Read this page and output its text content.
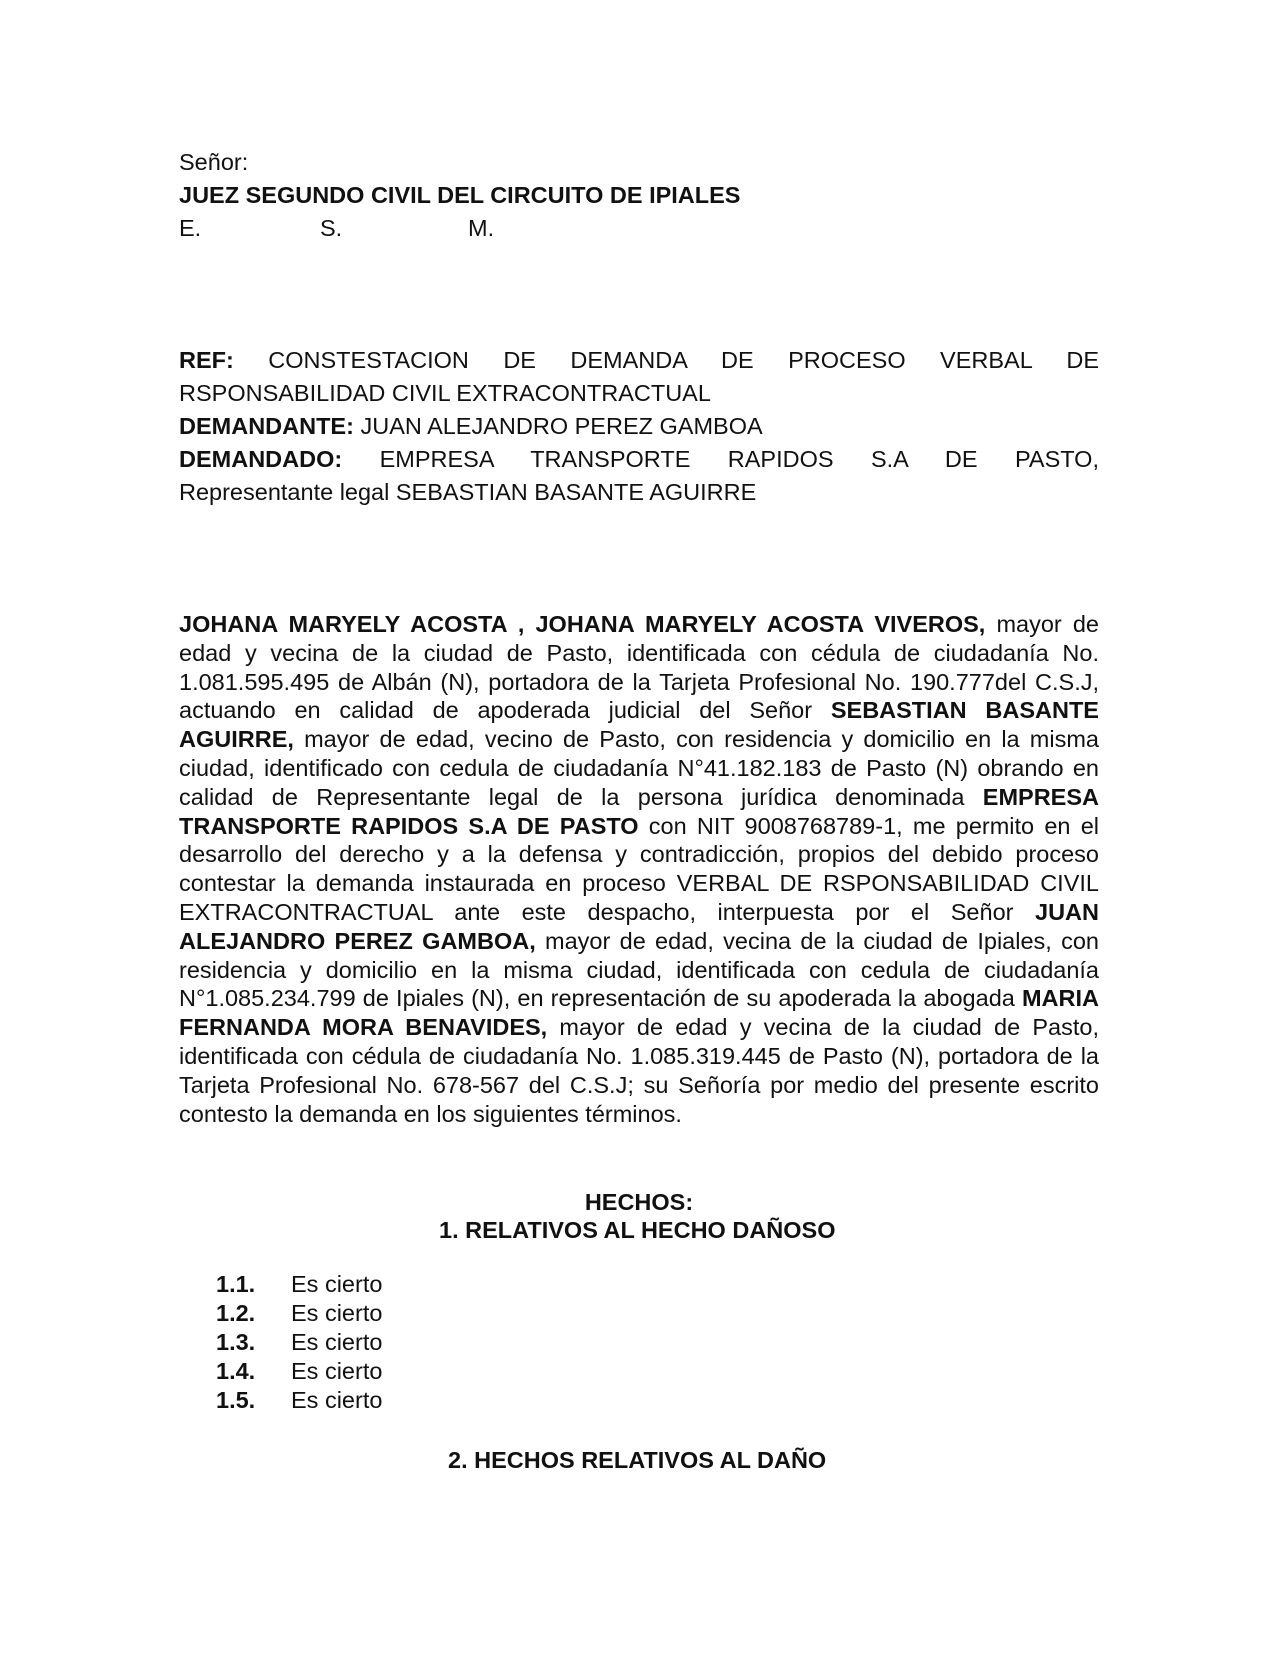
Señor:
JUEZ SEGUNDO CIVIL DEL CIRCUITO DE IPIALES
E.	S.	M.
REF: CONSTESTACION DE DEMANDA DE PROCESO VERBAL DE
RSPONSABILIDAD CIVIL EXTRACONTRACTUAL
DEMANDANTE: JUAN ALEJANDRO PEREZ GAMBOA
DEMANDADO: EMPRESA TRANSPORTE RAPIDOS S.A DE PASTO,
Representante legal SEBASTIAN BASANTE AGUIRRE
JOHANA MARYELY ACOSTA , JOHANA MARYELY ACOSTA VIVEROS, mayor de edad y vecina de la ciudad de Pasto, identificada con cédula de ciudadanía No. 1.081.595.495 de Albán (N), portadora de la Tarjeta Profesional No. 190.777del C.S.J, actuando en calidad de apoderada judicial del Señor SEBASTIAN BASANTE AGUIRRE, mayor de edad, vecino de Pasto, con residencia y domicilio en la misma ciudad, identificado con cedula de ciudadanía N°41.182.183 de Pasto (N) obrando en calidad de Representante legal de la persona jurídica denominada EMPRESA TRANSPORTE RAPIDOS S.A DE PASTO con NIT 9008768789-1, me permito en el desarrollo del derecho y a la defensa y contradicción, propios del debido proceso contestar la demanda instaurada en proceso VERBAL DE RSPONSABILIDAD CIVIL EXTRACONTRACTUAL ante este despacho, interpuesta por el Señor JUAN ALEJANDRO PEREZ GAMBOA, mayor de edad, vecina de la ciudad de Ipiales, con residencia y domicilio en la misma ciudad, identificada con cedula de ciudadanía N°1.085.234.799 de Ipiales (N), en representación de su apoderada la abogada MARIA FERNANDA MORA BENAVIDES, mayor de edad y vecina de la ciudad de Pasto, identificada con cédula de ciudadanía No. 1.085.319.445 de Pasto (N), portadora de la Tarjeta Profesional No. 678-567 del C.S.J; su Señoría por medio del presente escrito contesto la demanda en los siguientes términos.
HECHOS:
1. RELATIVOS AL HECHO DAÑOSO
1.1. Es cierto
1.2. Es cierto
1.3. Es cierto
1.4. Es cierto
1.5. Es cierto
2. HECHOS RELATIVOS AL DAÑO
